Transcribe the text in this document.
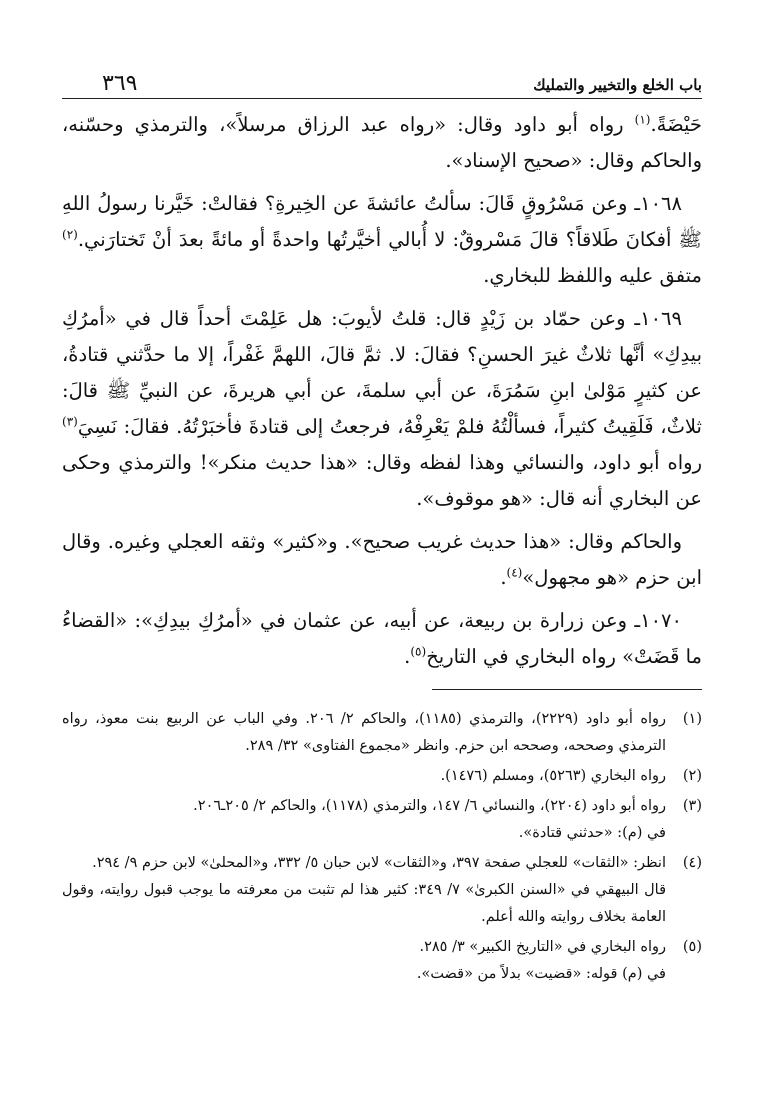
باب الخلع والتخيير والتمليك
٣٦٩

حَيْضَةً.$^{(١)}$ رواه أبو داود وقال: «رواه عبد الرزاق مرسلاً»، والترمذي وحسّنه، والحاكم وقال: «صحيح الإسناد».

١٠٦٨ـ وعن مَسْرُوقٍ قَالَ: سألتُ عائشةَ عن الخِيرةِ؟ فقالتْ: خَيَّرنا رسولُ اللهِ ﷺ أفكانَ طَلاقاً؟ قالَ مَسْروقٌ: لا أُبالي أخيَّرتُها واحدةً أو مائةً بعدَ أنْ تَختارَني.$^{(٢)}$ متفق عليه واللفظ للبخاري.

١٠٦٩ـ وعن حمّاد بن زَيْدٍ قال: قلتُ لأيوبَ: هل عَلِمْتَ أحداً قال في «أمرُكِ بيدِكِ» أنَّها ثلاثٌ غيرَ الحسنِ؟ فقالَ: لا. ثمَّ قالَ، اللهمَّ غَفْراً، إلا ما حدَّثني قتادةُ، عن كثيرٍ مَوْلىٰ ابنِ سَمُرَةَ، عن أبي سلمةَ، عن أبي هريرةَ، عن النبيِّ ﷺ قالَ: ثلاثٌ، فَلَقِيتُ كثيراً، فسألْتُهُ فلمْ يَعْرِفْهُ، فرجعتُ إلى قتادةَ فأخبَرْتُهُ. فقالَ: نَسِيَ$^{(٣)}$ رواه أبو داود، والنسائي وهذا لفظه وقال: «هذا حديث منكر»! والترمذي وحكى عن البخاري أنه قال: «هو موقوف».

والحاكم وقال: «هذا حديث غريب صحيح». و«كثير» وثقه العجلي وغيره. وقال ابن حزم «هو مجهول»$^{(٤)}$.

١٠٧٠ـ وعن زرارة بن ربيعة، عن أبيه، عن عثمان في «أمرُكِ بيدِكِ»: «القضاءُ ما قَضَتْ» رواه البخاري في التاريخ$^{(٥)}$.

(١)
رواه أبو داود (٢٢٢٩)، والترمذي (١١٨٥)، والحاكم ٢/ ٢٠٦. وفي الباب عن الربيع بنت معوذ، رواه الترمذي وصححه، وصححه ابن حزم. وانظر «مجموع الفتاوى» ٣٢/ ٢٨٩.
(٢)
رواه البخاري (٥٢٦٣)، ومسلم (١٤٧٦).
(٣)
رواه أبو داود (٢٢٠٤)، والنسائي ٦/ ١٤٧، والترمذي (١١٧٨)، والحاكم ٢/ ٢٠٥ـ٢٠٦.
في (م): «حدثني قتادة».
(٤)
انظر: «الثقات» للعجلي صفحة ٣٩٧، و«الثقات» لابن حبان ٥/ ٣٣٢، و«المحلىٰ» لابن حزم ٩/ ٢٩٤.
قال البيهقي في «السنن الكبرىٰ» ٧/ ٣٤٩: كثير هذا لم تثبت من معرفته ما يوجب قبول روايته، وقول العامة بخلاف روايته والله أعلم.
(٥)
رواه البخاري في «التاريخ الكبير» ٣/ ٢٨٥.
في (م) قوله: «قضيت» بدلاً من «قضت».
